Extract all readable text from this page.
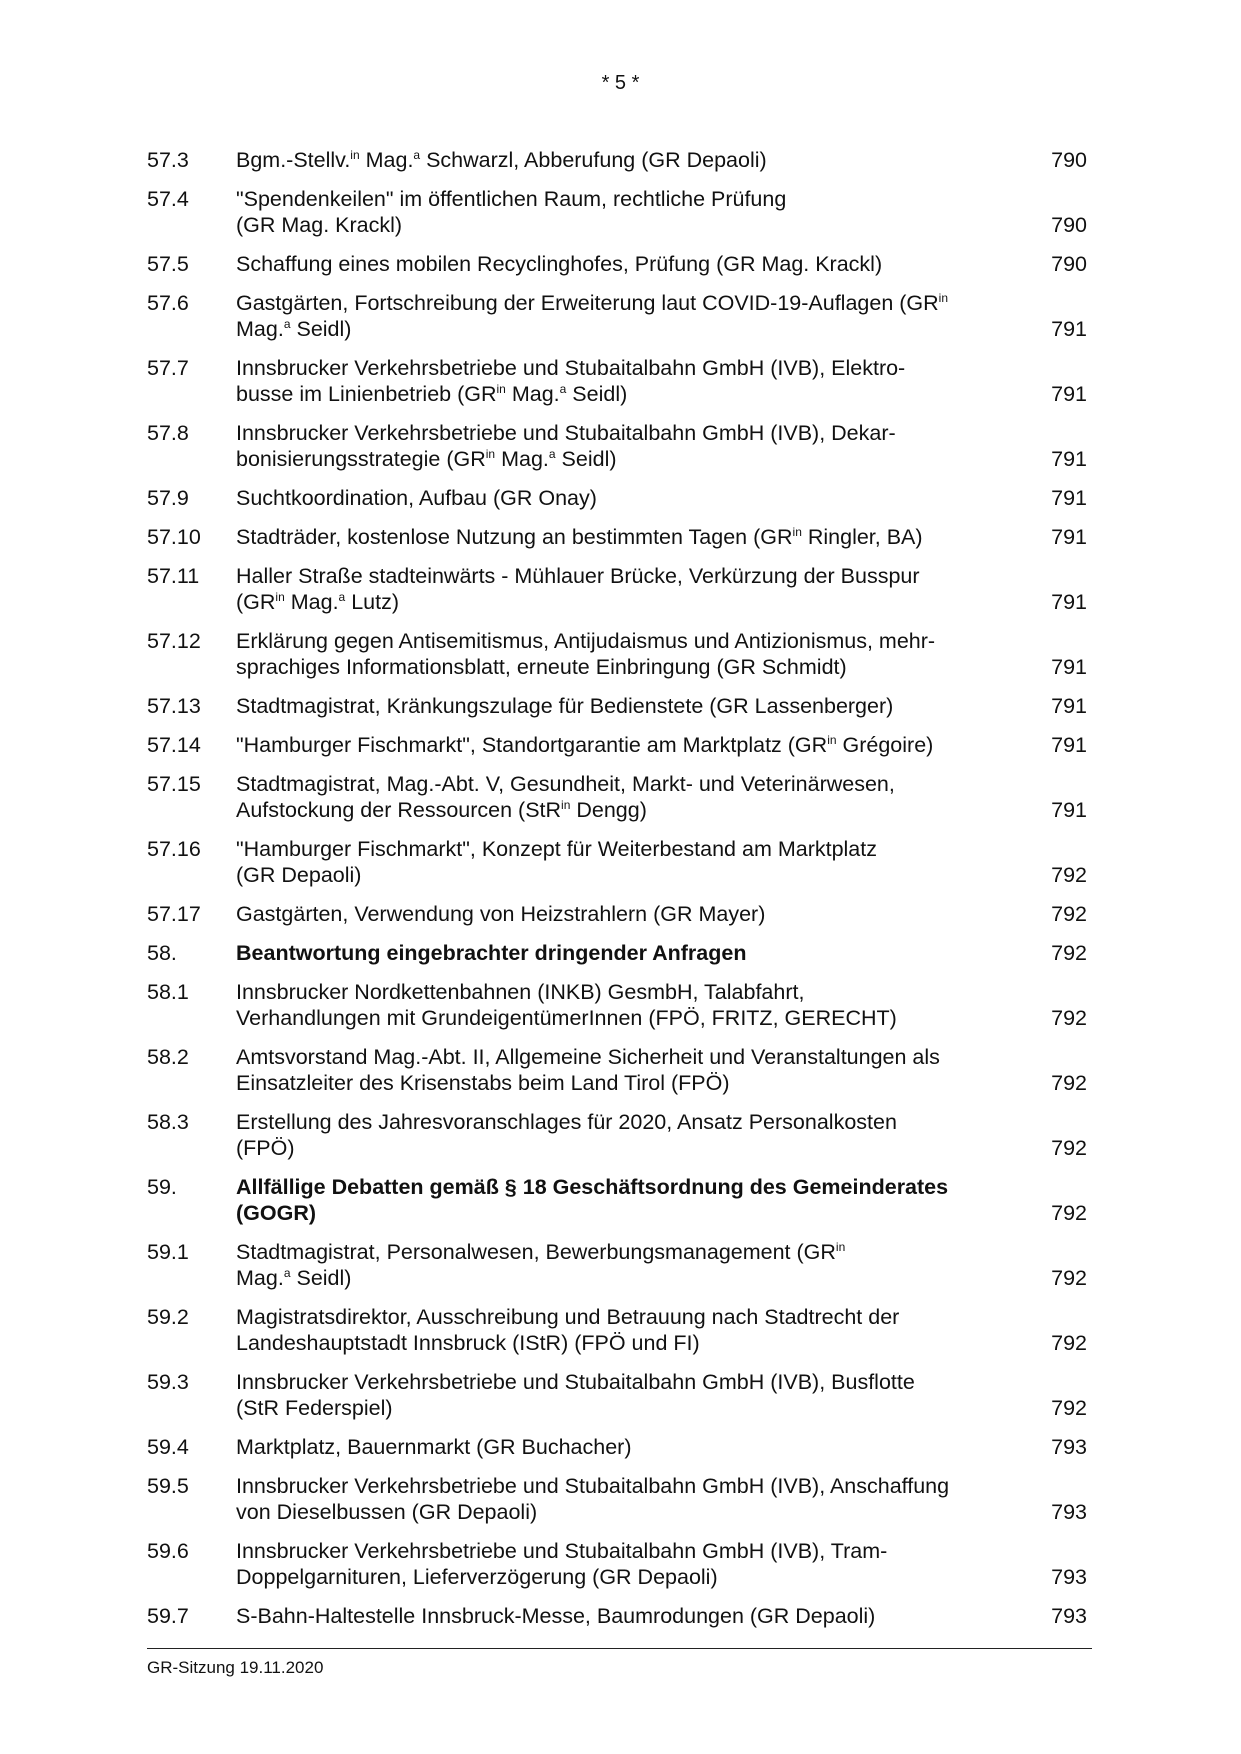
* 5 *
57.3	Bgm.-Stellv.$^{in}$ Mag.$^a$ Schwarzl, Abberufung (GR Depaoli)	790
57.4	"Spendenkeilen" im öffentlichen Raum, rechtliche Prüfung
(GR Mag. Krackl)	790
57.5	Schaffung eines mobilen Recyclinghofes, Prüfung (GR Mag. Krackl)	790
57.6	Gastgärten, Fortschreibung der Erweiterung laut COVID-19-Auflagen ($GR^{in}$
Mag.$^a$ Seidl)	791
57.7	Innsbrucker Verkehrsbetriebe und Stubaitalbahn GmbH (IVB), Elektro-
busse im Linienbetrieb ($GR^{in}$ Mag.$^a$ Seidl)	791
57.8	Innsbrucker Verkehrsbetriebe und Stubaitalbahn GmbH (IVB), Dekar-
bonisierungsstrategie ($GR^{in}$ Mag.$^a$ Seidl)	791
57.9	Suchtkoordination, Aufbau (GR Onay)	791
57.10	Stadträder, kostenlose Nutzung an bestimmten Tagen ($GR^{in}$ Ringler, BA)	791
57.11	Haller Straße stadteinwärts - Mühlauer Brücke, Verkürzung der Busspur
($GR^{in}$ Mag.$^a$ Lutz)	791
57.12	Erklärung gegen Antisemitismus, Antijudaismus und Antizionismus, mehr-
sprachiges Informationsblatt, erneute Einbringung (GR Schmidt)	791
57.13	Stadtmagistrat, Kränkungszulage für Bedienstete (GR Lassenberger)	791
57.14	"Hamburger Fischmarkt", Standortgarantie am Marktplatz ($GR^{in}$ Grégoire)	791
57.15	Stadtmagistrat, Mag.-Abt. V, Gesundheit, Markt- und Veterinärwesen,
Aufstockung der Ressourcen (StR$^{in}$ Dengg)	791
57.16	"Hamburger Fischmarkt", Konzept für Weiterbestand am Marktplatz
(GR Depaoli)	792
57.17	Gastgärten, Verwendung von Heizstrahlern (GR Mayer)	792
58.	Beantwortung eingebrachter dringender Anfragen	792
58.1	Innsbrucker Nordkettenbahnen (INKB) GesmbH, Talabfahrt,
Verhandlungen mit GrundeigentümerInnen (FPÖ, FRITZ, GERECHT)	792
58.2	Amtsvorstand Mag.-Abt. II, Allgemeine Sicherheit und Veranstaltungen als
Einsatzleiter des Krisenstabs beim Land Tirol (FPÖ)	792
58.3	Erstellung des Jahresvoranschlages für 2020, Ansatz Personalkosten
(FPÖ)	792
59.	Allfällige Debatten gemäß § 18 Geschäftsordnung des Gemeinderates
(GOGR)	792
59.1	Stadtmagistrat, Personalwesen, Bewerbungsmanagement ($GR^{in}$
Mag.$^a$ Seidl)	792
59.2	Magistratsdirektor, Ausschreibung und Betrauung nach Stadtrecht der
Landeshauptstadt Innsbruck (IStR) (FPÖ und FI)	792
59.3	Innsbrucker Verkehrsbetriebe und Stubaitalbahn GmbH (IVB), Busflotte
(StR Federspiel)	792
59.4	Marktplatz, Bauernmarkt (GR Buchacher)	793
59.5	Innsbrucker Verkehrsbetriebe und Stubaitalbahn GmbH (IVB), Anschaffung
von Dieselbussen (GR Depaoli)	793
59.6	Innsbrucker Verkehrsbetriebe und Stubaitalbahn GmbH (IVB), Tram-
Doppelgarnituren, Lieferverzögerung (GR Depaoli)	793
59.7	S-Bahn-Haltestelle Innsbruck-Messe, Baumrodungen (GR Depaoli)	793
GR-Sitzung 19.11.2020
